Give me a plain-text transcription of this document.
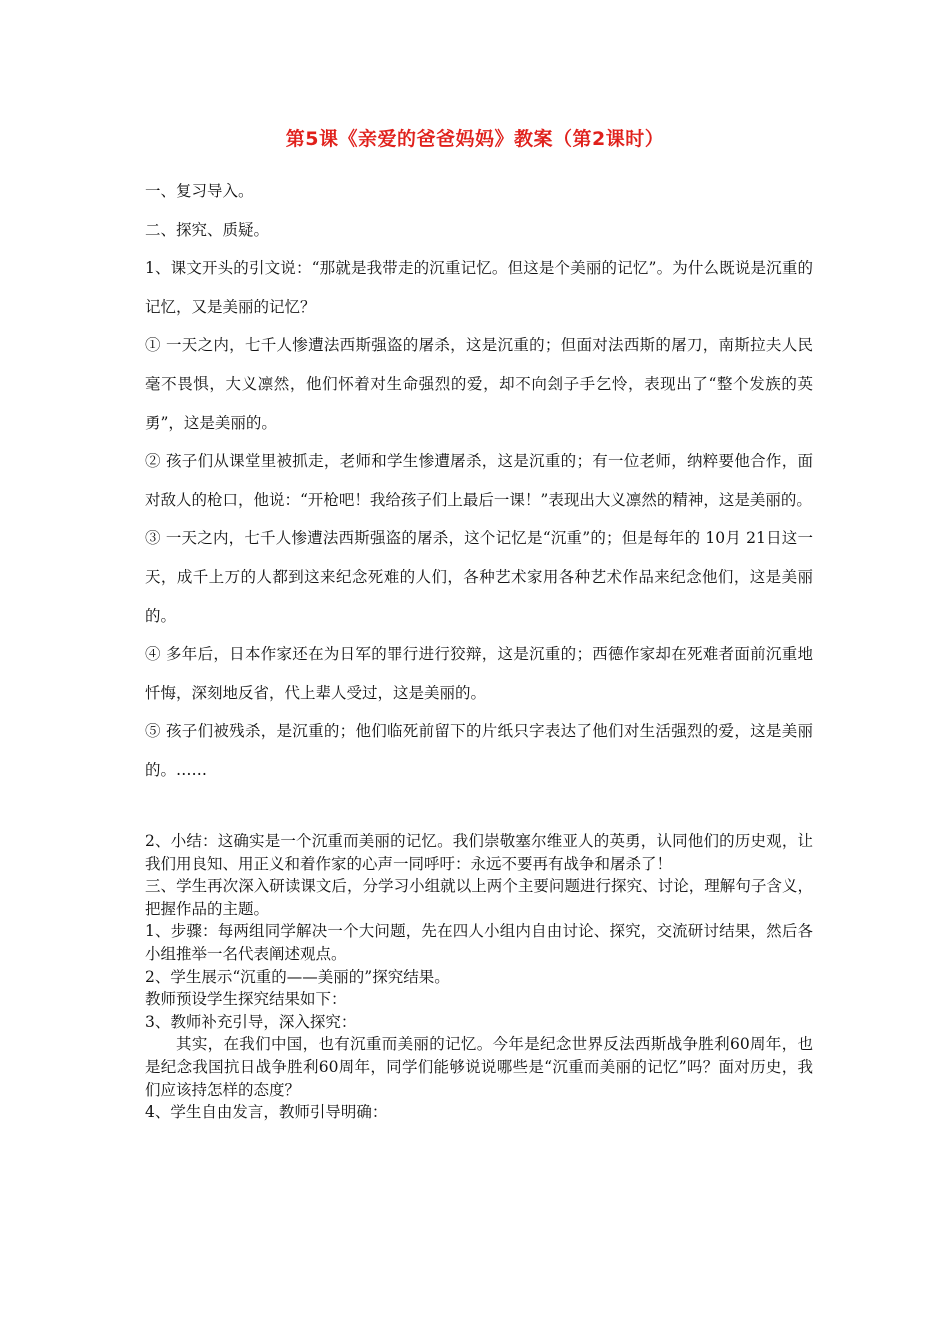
第5课《亲爱的爸爸妈妈》教案（第2课时）

一、复习导入。

二、探究、质疑。

1、课文开头的引文说：“那就是我带走的沉重记忆。但这是个美丽的记忆”。为什么既说是沉重的记忆，又是美丽的记忆？

① 一天之内，七千人惨遭法西斯强盗的屠杀，这是沉重的；但面对法西斯的屠刀，南斯拉夫人民毫不畏惧，大义凛然，他们怀着对生命强烈的爱，却不向刽子手乞怜，表现出了“整个发族的英勇”，这是美丽的。

② 孩子们从课堂里被抓走，老师和学生惨遭屠杀，这是沉重的；有一位老师，纳粹要他合作，面对敌人的枪口，他说：“开枪吧！我给孩子们上最后一课！”表现出大义凛然的精神，这是美丽的。

③ 一天之内，七千人惨遭法西斯强盗的屠杀，这个记忆是“沉重”的；但是每年的 10月 21日这一天，成千上万的人都到这来纪念死难的人们，各种艺术家用各种艺术作品来纪念他们，这是美丽的。

④ 多年后，日本作家还在为日军的罪行进行狡辩，这是沉重的；西德作家却在死难者面前沉重地忏悔，深刻地反省，代上辈人受过，这是美丽的。

⑤ 孩子们被残杀，是沉重的；他们临死前留下的片纸只字表达了他们对生活强烈的爱，这是美丽的。……

2、小结：这确实是一个沉重而美丽的记忆。我们崇敬塞尔维亚人的英勇，认同他们的历史观，让我们用良知、用正义和着作家的心声一同呼吁：永远不要再有战争和屠杀了！

三、学生再次深入研读课文后，分学习小组就以上两个主要问题进行探究、讨论，理解句子含义，把握作品的主题。

1、步骤：每两组同学解决一个大问题，先在四人小组内自由讨论、探究，交流研讨结果，然后各小组推举一名代表阐述观点。

2、学生展示“沉重的——美丽的”探究结果。

教师预设学生探究结果如下：

3、教师补充引导，深入探究：

其实，在我们中国，也有沉重而美丽的记忆。今年是纪念世界反法西斯战争胜利60周年，也是纪念我国抗日战争胜利60周年，同学们能够说说哪些是“沉重而美丽的记忆”吗？面对历史，我们应该持怎样的态度？

4、学生自由发言，教师引导明确：
